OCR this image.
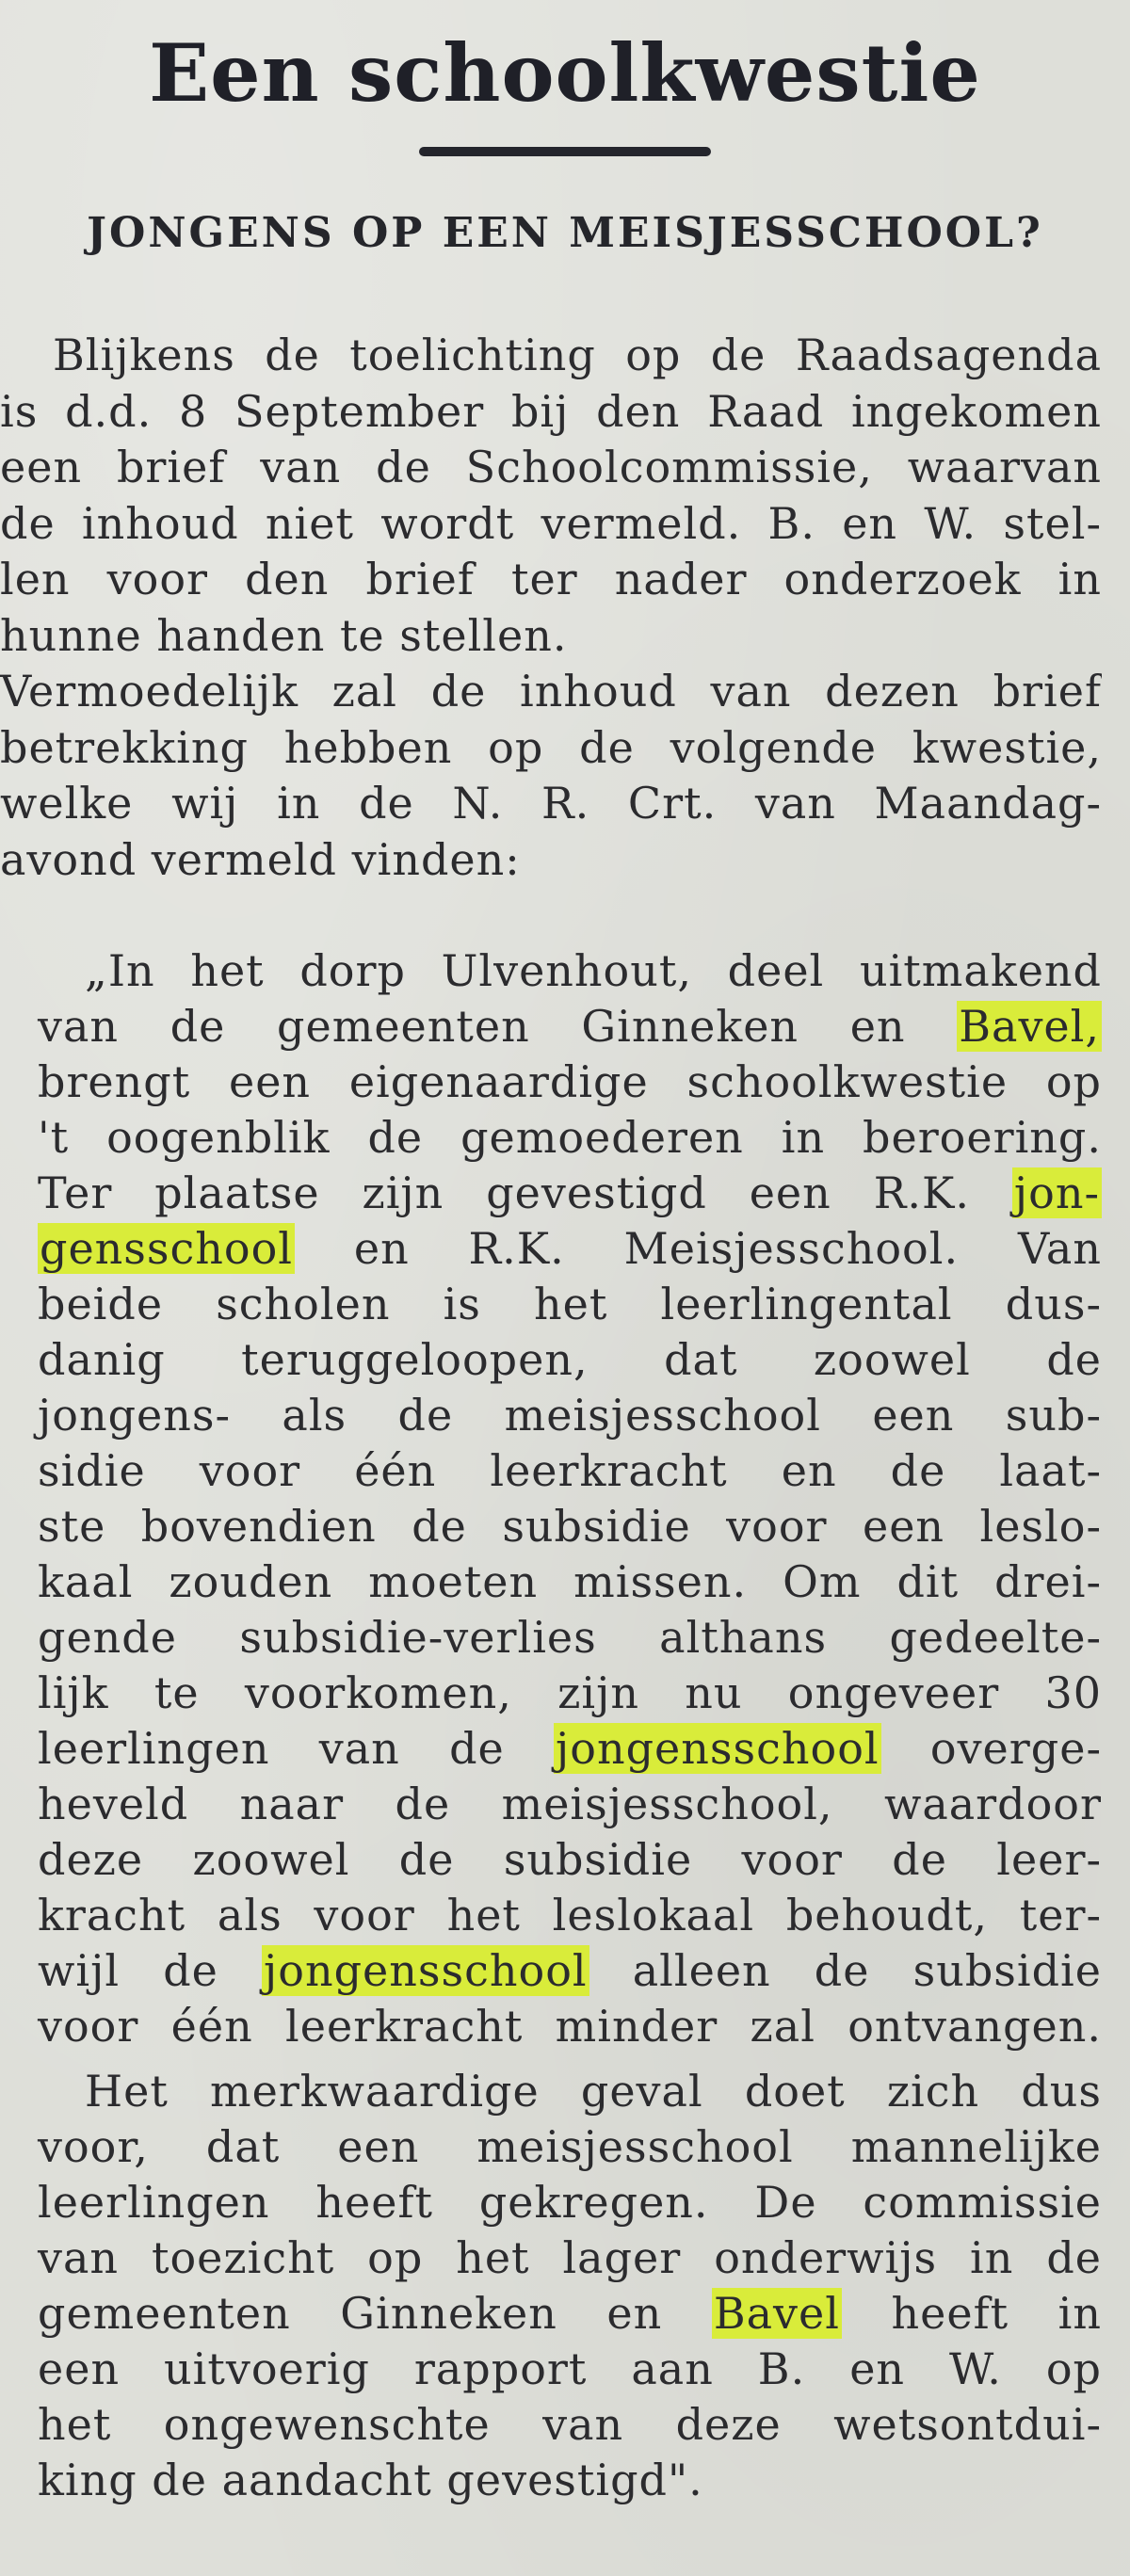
Een schoolkwestie
JONGENS OP EEN MEISJESSCHOOL?
Blijkens de toelichting op de Raadsagenda
is d.d. 8 September bij den Raad ingekomen
een brief van de Schoolcommissie, waarvan
de inhoud niet wordt vermeld. B. en W. stel-
len voor den brief ter nader onderzoek in
hunne handen te stellen.
Vermoedelijk zal de inhoud van dezen brief
betrekking hebben op de volgende kwestie,
welke wij in de N. R. Crt. van Maandag-
avond vermeld vinden:
„In het dorp Ulvenhout, deel uitmakend
van de gemeenten Ginneken en Bavel,
brengt een eigenaardige schoolkwestie op
't oogenblik de gemoederen in beroering.
Ter plaatse zijn gevestigd een R.K. jon-
gensschool en R.K. Meisjesschool. Van
beide scholen is het leerlingental dus-
danig teruggeloopen, dat zoowel de
jongens- als de meisjesschool een sub-
sidie voor één leerkracht en de laat-
ste bovendien de subsidie voor een leslo-
kaal zouden moeten missen. Om dit drei-
gende subsidie-verlies althans gedeelte-
lijk te voorkomen, zijn nu ongeveer 30
leerlingen van de jongensschool overge-
heveld naar de meisjesschool, waardoor
deze zoowel de subsidie voor de leer-
kracht als voor het leslokaal behoudt, ter-
wijl de jongensschool alleen de subsidie
voor één leerkracht minder zal ontvangen.
Het merkwaardige geval doet zich dus
voor, dat een meisjesschool mannelijke
leerlingen heeft gekregen. De commissie
van toezicht op het lager onderwijs in de
gemeenten Ginneken en Bavel heeft in
een uitvoerig rapport aan B. en W. op
het ongewenschte van deze wetsontdui-
king de aandacht gevestigd".
